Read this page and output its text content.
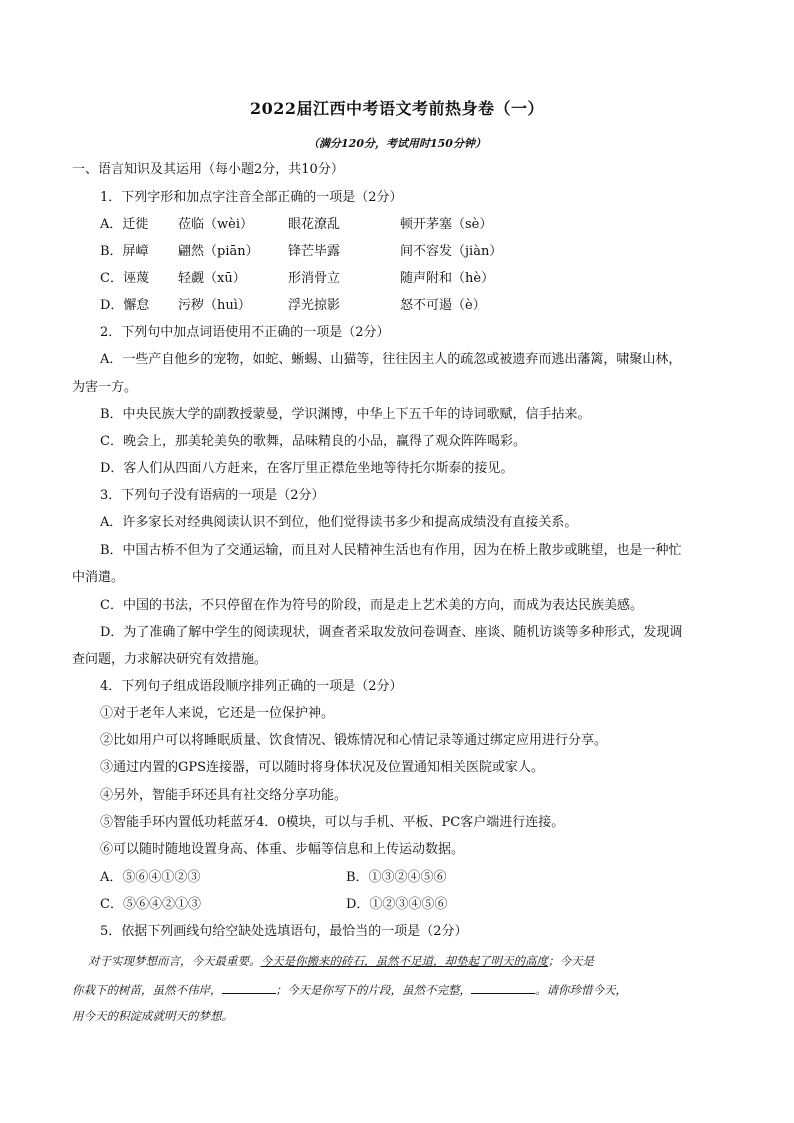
2022届江西中考语文考前热身卷（一）
（满分120分，考试用时150分钟）
一、语言知识及其运用（每小题2分，共10分）
1．下列字形和加点字注音全部正确的一项是（2分）
A．迁徙 莅临（wèi）	眼花潦乱	顿开茅塞（sè）
B．屏嶂 翩然（piān） 锋芒毕露	间不容发（jiàn）
C．诬蔑 轻觑（xū）	形消骨立	随声附和（hè）
D．懈怠 污秽（huì）	浮光掠影	怒不可遏（è）
2．下列句中加点词语使用不正确的一项是（2分）
A．一些产自他乡的宠物，如蛇、蜥蜴、山猫等，往往因主人的疏忽或被遗弃而逃出藩篱，啸聚山林，
为害一方。
B．中央民族大学的副教授蒙曼，学识渊博，中华上下五千年的诗词歌赋，信手拈来。
C．晚会上，那美轮美奂的歌舞，品味精良的小品，赢得了观众阵阵喝彩。
D．客人们从四面八方赶来，在客厅里正襟危坐地等待托尔斯泰的接见。
3．下列句子没有语病的一项是（2分）
A．许多家长对经典阅读认识不到位，他们觉得读书多少和提高成绩没有直接关系。
B．中国古桥不但为了交通运输，而且对人民精神生活也有作用，因为在桥上散步或眺望，也是一种忙
中消遣。
C．中国的书法，不只停留在作为符号的阶段，而是走上艺术美的方向，而成为表达民族美感。
D．为了准确了解中学生的阅读现状，调查者采取发放问卷调查、座谈、随机访谈等多种形式，发现调
查问题，力求解决研究有效措施。
4．下列句子组成语段顺序排列正确的一项是（2分）
①对于老年人来说，它还是一位保护神。
②比如用户可以将睡眠质量、饮食情况、锻炼情况和心情记录等通过绑定应用进行分享。
③通过内置的GPS连接器，可以随时将身体状况及位置通知相关医院或家人。
④另外，智能手环还具有社交络分享功能。
⑤智能手环内置低功耗蓝牙4．0模块，可以与手机、平板、PC客户端进行连接。
⑥可以随时随地设置身高、体重、步幅等信息和上传运动数据。
A．⑤⑥④①②③	B．①③②④⑤⑥
C．⑤⑥④②①③	D．①②③④⑤⑥
5．依据下列画线句给空缺处选填语句，最恰当的一项是（2分）
对于实现梦想而言，今天最重要。今天是你搬来的砖石，虽然不足道，却垫起了明天的高度；今天是
你栽下的树苗，虽然不伟岸，	；今天是你写下的片段，虽然不完整，	。请你珍惜今天，
用今天的积淀成就明天的梦想。
